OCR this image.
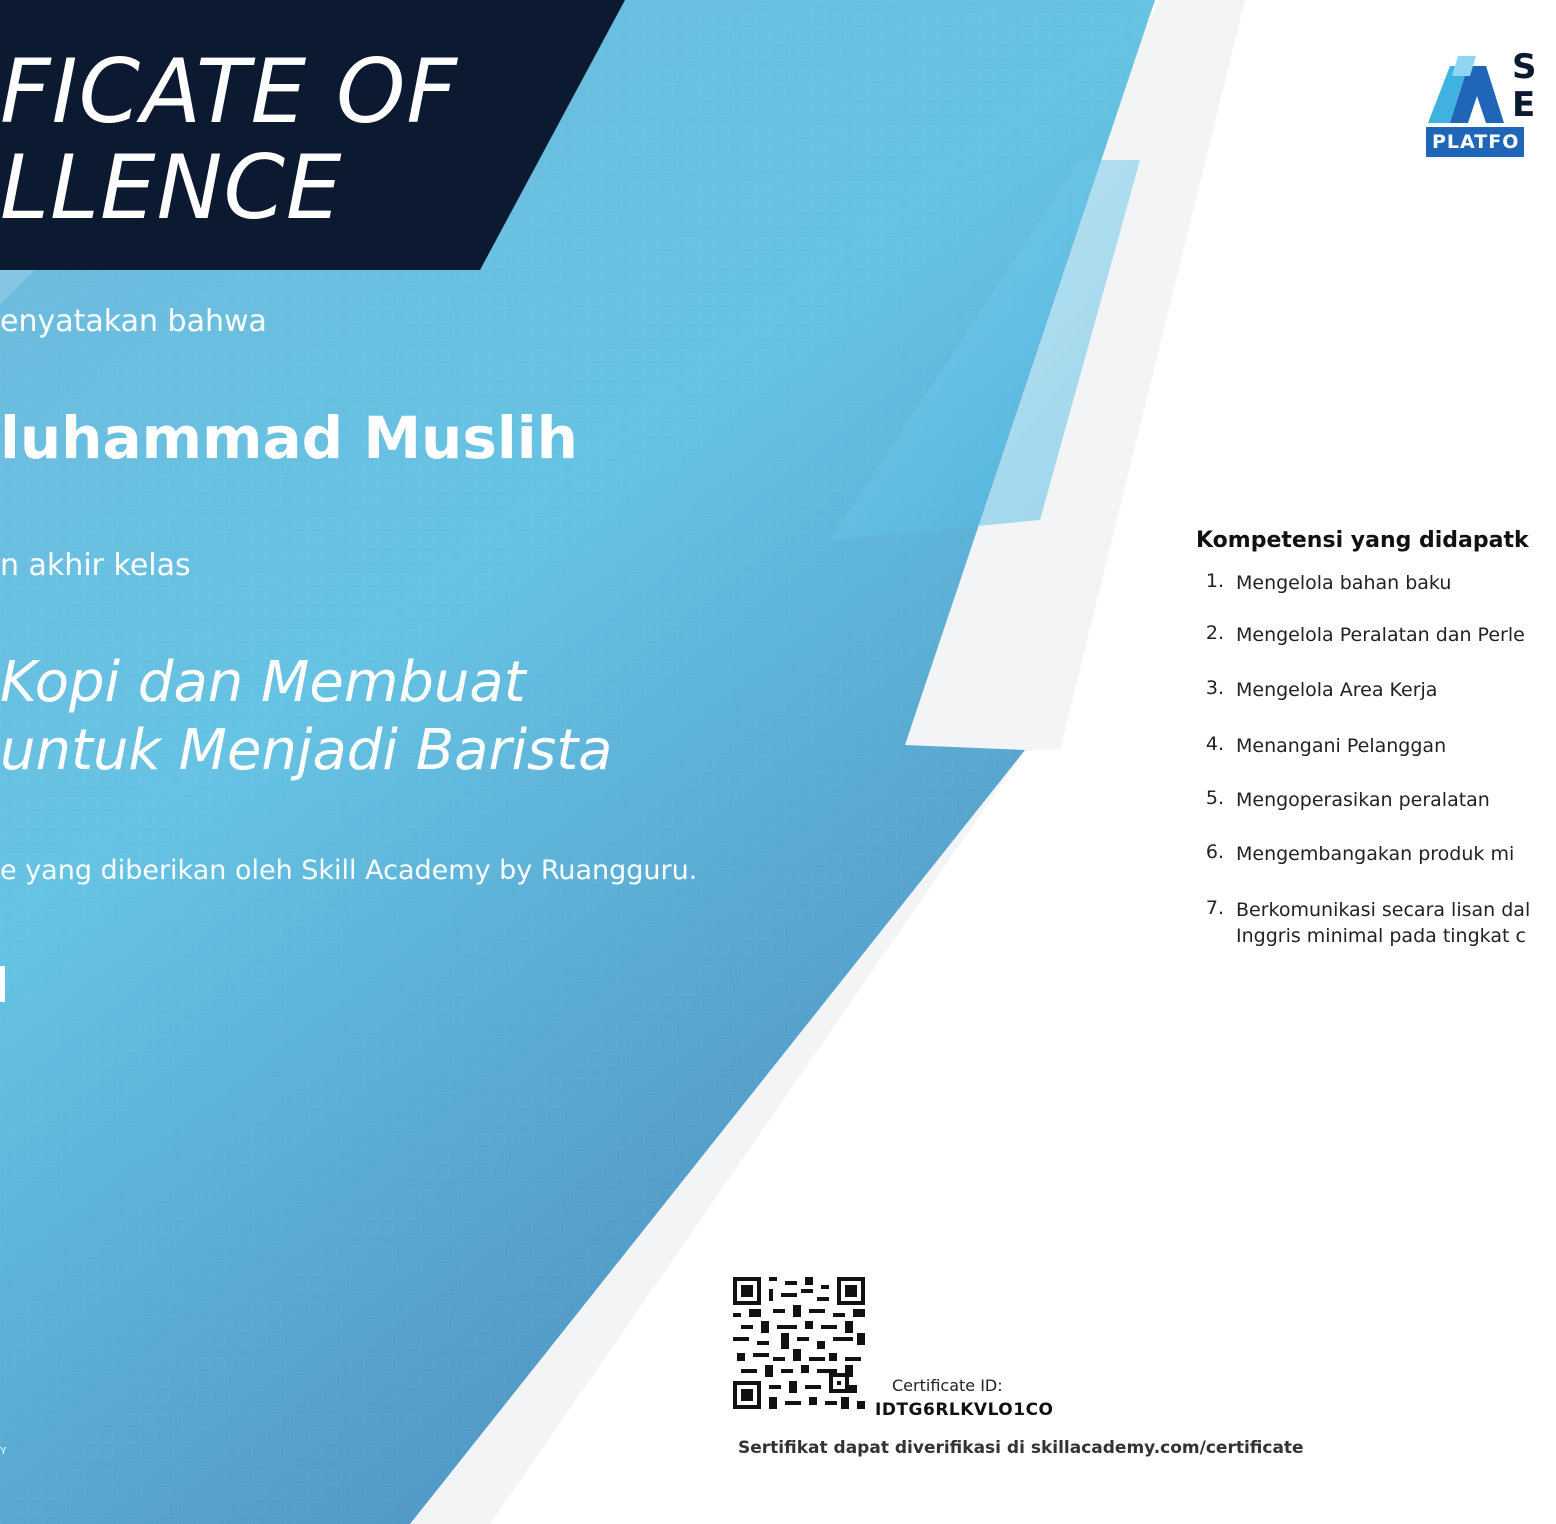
FICATE OF
LLENCE
enyatakan bahwa
luhammad Muslih
n akhir kelas
Kopi dan Membuat
untuk Menjadi Barista
e yang diberikan oleh Skill Academy by Ruangguru.
Y
S
E
PLATFO
Kompetensi yang didapatk
1. Mengelola bahan baku
2. Mengelola Peralatan dan Perle
3. Mengelola Area Kerja
4. Menangani Pelanggan
5. Mengoperasikan peralatan
6. Mengembangakan produk mi
7. Berkomunikasi secara lisan dal
Inggris minimal pada tingkat c
Certificate ID:
IDTG6RLKVLO1CO
Sertifikat dapat diverifikasi di skillacademy.com/certificate
